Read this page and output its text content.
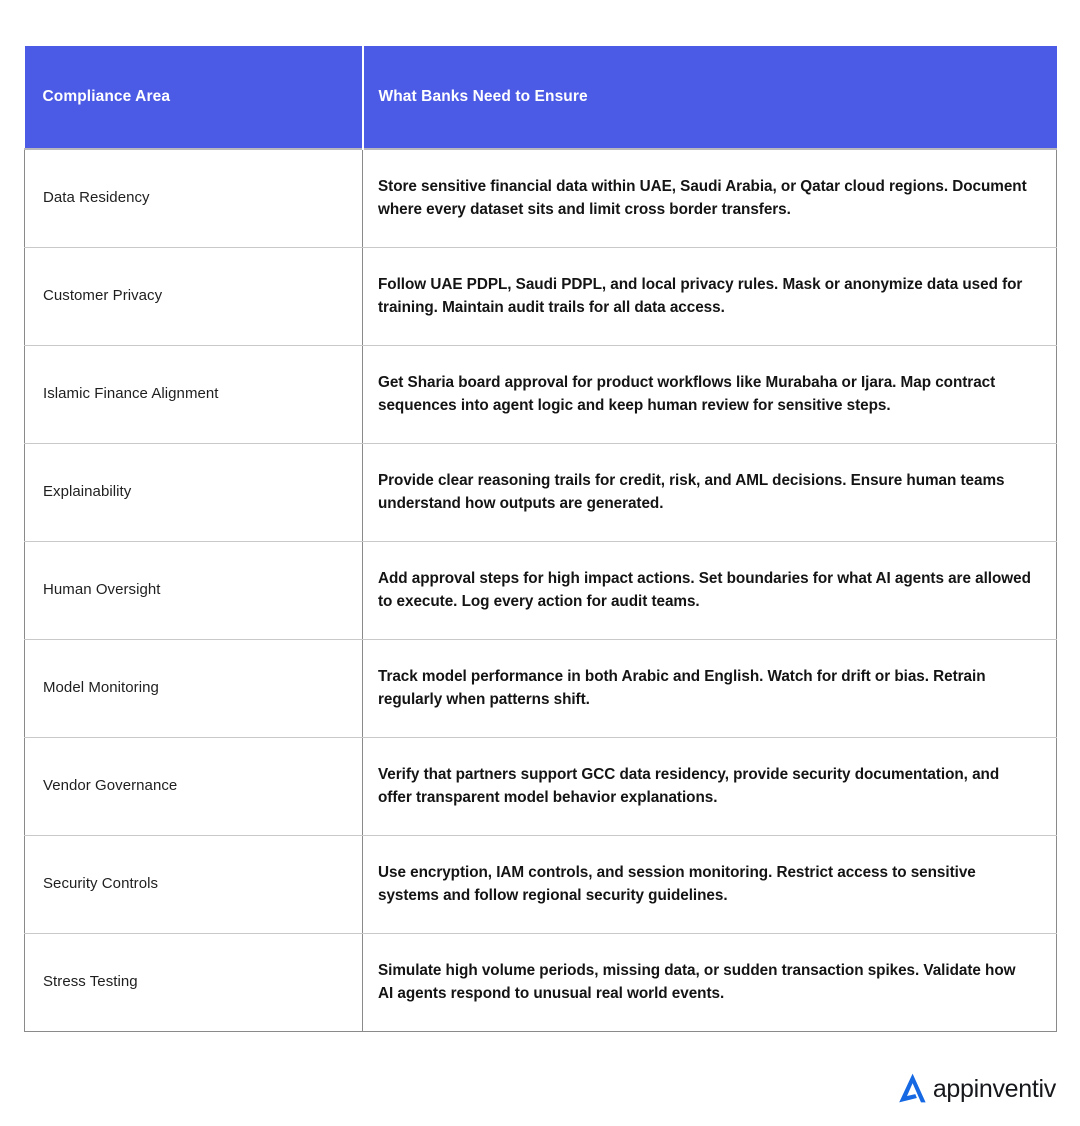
Compliance Area	What Banks Need to Ensure
Data Residency	Store sensitive financial data within UAE, Saudi Arabia, or Qatar cloud regions. Document where every dataset sits and limit cross border transfers.
Customer Privacy	Follow UAE PDPL, Saudi PDPL, and local privacy rules. Mask or anonymize data used for training. Maintain audit trails for all data access.
Islamic Finance Alignment	Get Sharia board approval for product workflows like Murabaha or Ijara. Map contract sequences into agent logic and keep human review for sensitive steps.
Explainability	Provide clear reasoning trails for credit, risk, and AML decisions. Ensure human teams understand how outputs are generated.
Human Oversight	Add approval steps for high impact actions. Set boundaries for what AI agents are allowed to execute. Log every action for audit teams.
Model Monitoring	Track model performance in both Arabic and English. Watch for drift or bias. Retrain regularly when patterns shift.
Vendor Governance	Verify that partners support GCC data residency, provide security documentation, and offer transparent model behavior explanations.
Security Controls	Use encryption, IAM controls, and session monitoring. Restrict access to sensitive systems and follow regional security guidelines.
Stress Testing	Simulate high volume periods, missing data, or sudden transaction spikes. Validate how AI agents respond to unusual real world events.
appinventiv
